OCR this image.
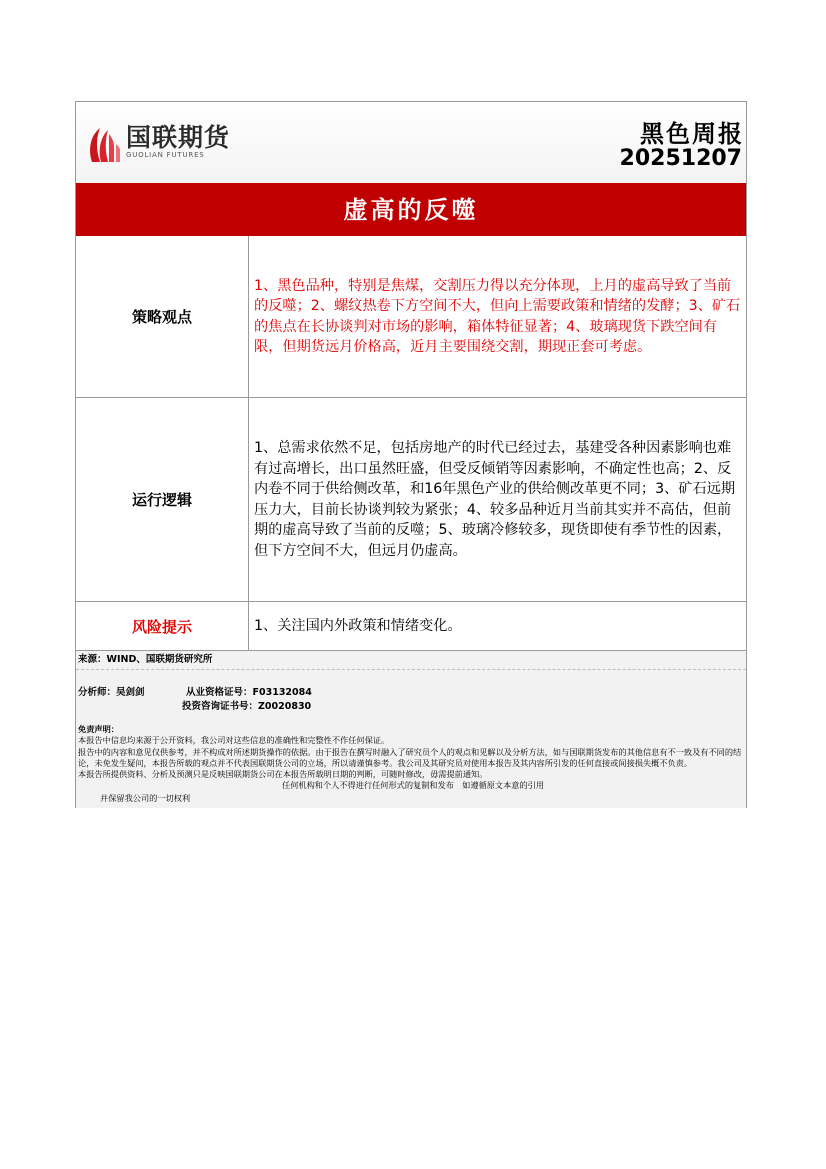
国联期货
GUOLIAN FUTURES
黑色周报
20251207
虚高的反噬
策略观点
1、黑色品种，特别是焦煤，交割压力得以充分体现，上月的虚高导致了当前的反噬；2、螺纹热卷下方空间不大，但向上需要政策和情绪的发酵；3、矿石的焦点在长协谈判对市场的影响，箱体特征显著；4、玻璃现货下跌空间有限，但期货远月价格高，近月主要围绕交割，期现正套可考虑。
运行逻辑
1、总需求依然不足，包括房地产的时代已经过去，基建受各种因素影响也难有过高增长，出口虽然旺盛，但受反倾销等因素影响，不确定性也高；2、反内卷不同于供给侧改革，和16年黑色产业的供给侧改革更不同；3、矿石远期压力大，目前长协谈判较为紧张；4、较多品种近月当前其实并不高估，但前期的虚高导致了当前的反噬；5、玻璃冷修较多，现货即使有季节性的因素，但下方空间不大，但远月仍虚高。
风险提示	1、关注国内外政策和情绪变化。
来源：WIND、国联期货研究所
分析师：吴剑剑	从业资格证号：F03132084
投资咨询证书号：Z0020830
免责声明：
本报告中信息均来源于公开资料，我公司对这些信息的准确性和完整性不作任何保证。
报告中的内容和意见仅供参考，并不构成对所述期货操作的依据。由于报告在撰写时融入了研究员个人的观点和见解以及分析方法，如与国联期货发布的其他信息有不一致及有不同的结论，未免发生疑问，本报告所载的观点并不代表国联期货公司的立场，所以请谨慎参考。我公司及其研究员对使用本报告及其内容所引发的任何直接或间接损失概不负责。
本报告所提供资料、分析及预测只是反映国联期货公司在本报告所载明日期的判断，可随时修改，毋需提前通知。
任何机构和个人不得进行任何形式的复制和发布　如遵循原文本意的引用
并保留我公司的一切权利
